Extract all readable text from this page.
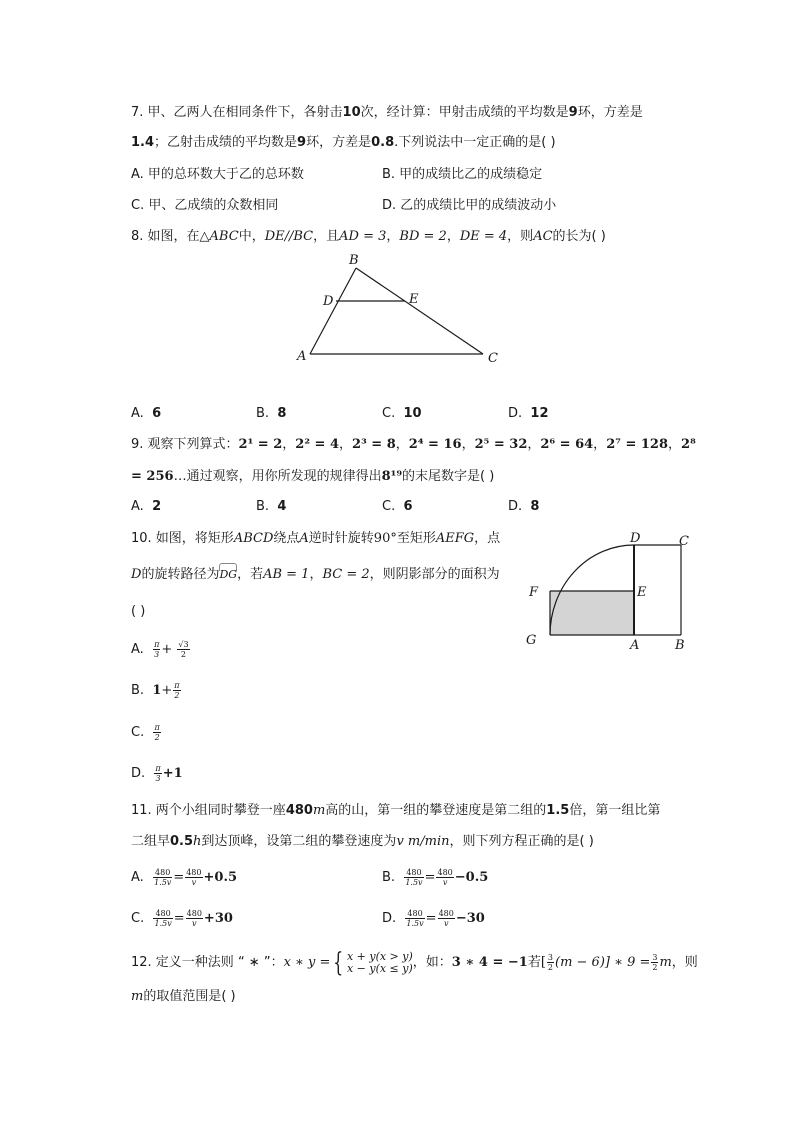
7. 甲、乙两人在相同条件下，各射击10次，经计算：甲射击成绩的平均数是9环，方差是
1.4；乙射击成绩的平均数是9环，方差是0.8.下列说法中一定正确的是( )
A. 甲的总环数大于乙的总环数	B. 甲的成绩比乙的成绩稳定
C. 甲、乙成绩的众数相同	D. 乙的成绩比甲的成绩波动小
8. 如图，在△ABC中，DE//BC，且AD = 3，BD = 2，DE = 4，则AC的长为( )
B
D	E
A	C
A. 6	B. 8	C. 10	D. 12
9. 观察下列算式：2¹ = 2，2² = 4，2³ = 8，2⁴ = 16，2⁵ = 32，2⁶ = 64，2⁷ = 128，2⁸
= 256…通过观察，用你所发现的规律得出8¹⁹的末尾数字是( )
A. 2	B. 4	C. 6	D. 8
10. 如图，将矩形ABCD绕点A逆时针旋转90°至矩形AEFG，点
D的旋转路径为
DG，若AB = 1，BC = 2，则阴影部分的面积为
( )
D	C
F	E
G	A	B
A. $\frac{\pi}{3} + \frac{√3}{2}$
B. $1+ \frac{\pi}{2}$
C. $\frac{\pi}{2}$
D. $\frac{\pi}{3} +1$
11. 两个小组同时攀登一座480m高的山，第一组的攀登速度是第二组的1.5倍，第一组比第
二组早0.5h到达顶峰，设第二组的攀登速度为v m/min，则下列方程正确的是( )
A. $\frac{480}{1.5v} = \frac{480}{v} +0.5$	B. $\frac{480}{1.5v} = \frac{480}{v} -0.5$
C. $\frac{480}{1.5v} = \frac{480}{v} +30$	D. $\frac{480}{1.5v} = \frac{480}{v} -30$
12. 定义一种法则 “ ∗ ”：x ∗ y = { x + y(x > y)
x − y(x ≤ y) ，如：3 ∗ 4 = −1若[ $\frac{3}{2} (m - 6)$] ∗ $9 = \frac{3}{2}$ m，则
m的取值范围是( )
